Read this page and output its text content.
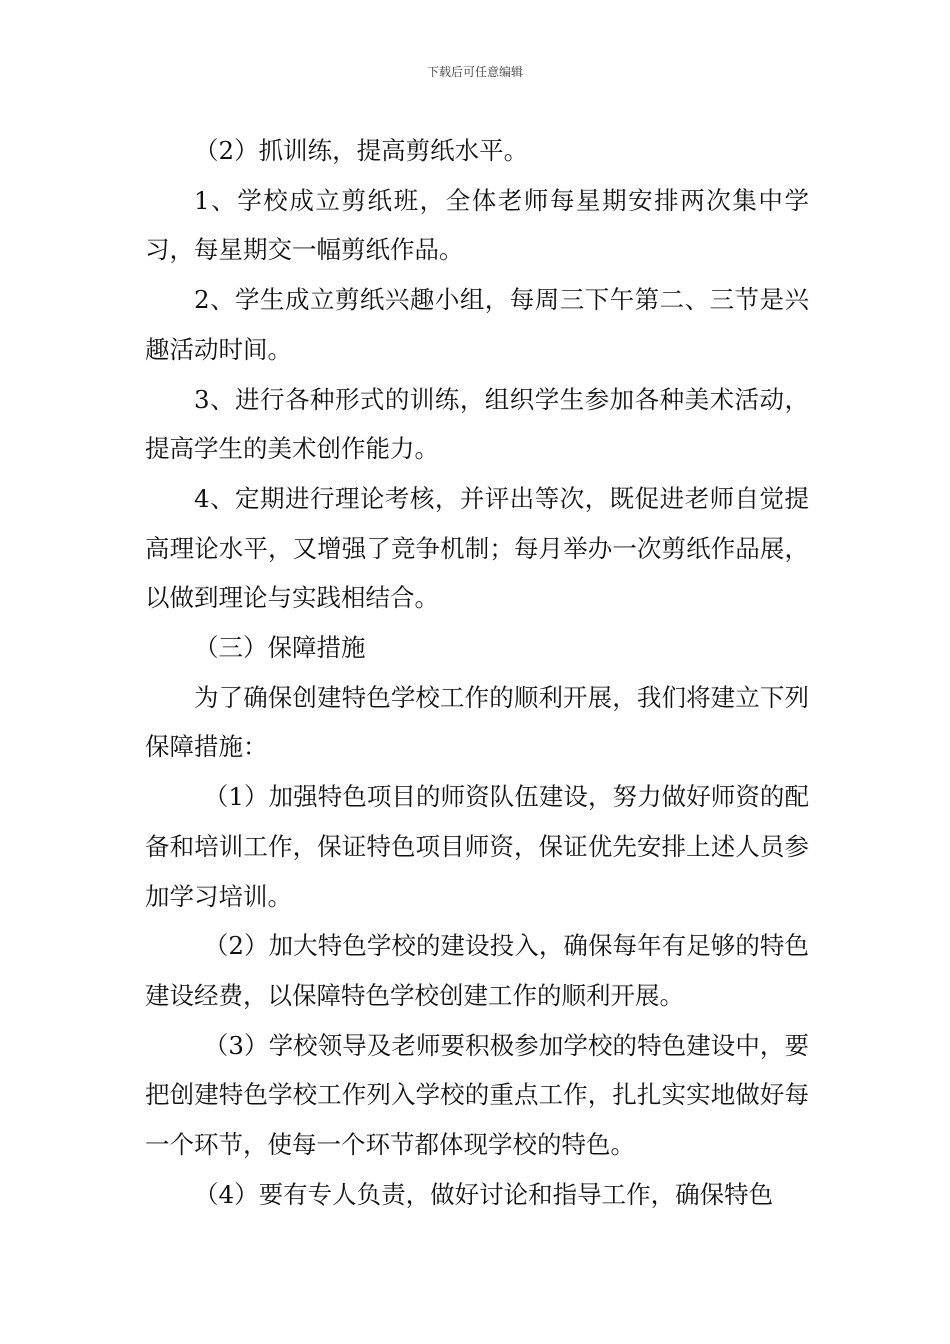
下载后可任意编辑

（2）抓训练，提高剪纸水平。

1、学校成立剪纸班，全体老师每星期安排两次集中学习，每星期交一幅剪纸作品。

2、学生成立剪纸兴趣小组，每周三下午第二、三节是兴趣活动时间。

3、进行各种形式的训练，组织学生参加各种美术活动，提高学生的美术创作能力。

4、定期进行理论考核，并评出等次，既促进老师自觉提高理论水平，又增强了竞争机制；每月举办一次剪纸作品展，以做到理论与实践相结合。

（三）保障措施

为了确保创建特色学校工作的顺利开展，我们将建立下列保障措施：

（1）加强特色项目的师资队伍建设，努力做好师资的配备和培训工作，保证特色项目师资，保证优先安排上述人员参加学习培训。

（2）加大特色学校的建设投入，确保每年有足够的特色建设经费，以保障特色学校创建工作的顺利开展。

（3）学校领导及老师要积极参加学校的特色建设中，要把创建特色学校工作列入学校的重点工作，扎扎实实地做好每一个环节，使每一个环节都体现学校的特色。

（4）要有专人负责，做好讨论和指导工作，确保特色
